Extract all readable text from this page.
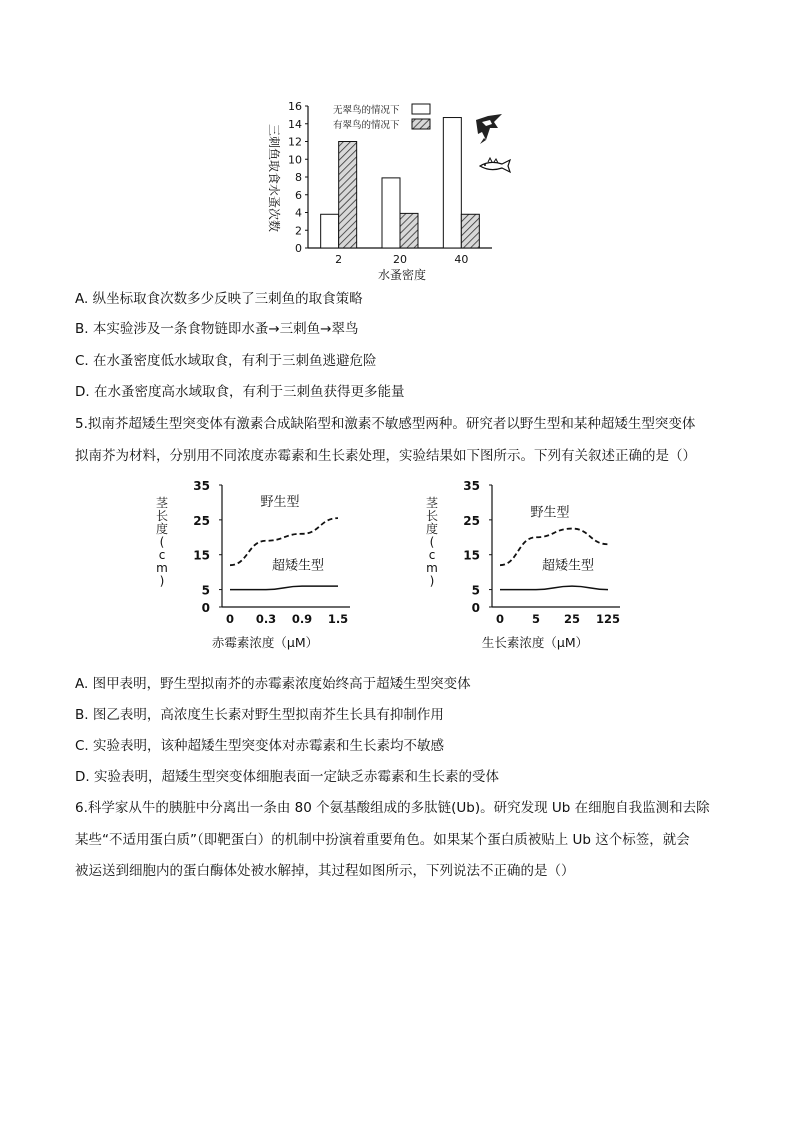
0
2
4
6
8
10
12
14
16
2	20	40
三刺鱼取食水蚤次数
水蚤密度
无翠鸟的情况下
有翠鸟的情况下
A. 纵坐标取食次数多少反映了三刺鱼的取食策略
B. 本实验涉及一条食物链即水蚤→三刺鱼→翠鸟
C. 在水蚤密度低水域取食，有利于三刺鱼逃避危险
D. 在水蚤密度高水域取食，有利于三刺鱼获得更多能量
5.拟南芥超矮生型突变体有激素合成缺陷型和激素不敏感型两种。研究者以野生型和某种超矮生型突变体
拟南芥为材料，分别用不同浓度赤霉素和生长素处理，实验结果如下图所示。下列有关叙述正确的是（）
0
5
15
25
35
茎
长
度
(
c
m
)
0 0.3 0.9 1.5
赤霉素浓度（μM）
野生型
超矮生型
0
5
15
25
35
茎
长
度
(
c
m
)
0 5 25 125
生长素浓度（μM）
野生型
超矮生型
A. 图甲表明，野生型拟南芥的赤霉素浓度始终高于超矮生型突变体
B. 图乙表明，高浓度生长素对野生型拟南芥生长具有抑制作用
C. 实验表明，该种超矮生型突变体对赤霉素和生长素均不敏感
D. 实验表明，超矮生型突变体细胞表面一定缺乏赤霉素和生长素的受体
6.科学家从牛的胰脏中分离出一条由 80 个氨基酸组成的多肽链(Ub)。研究发现 Ub 在细胞自我监测和去除
某些“不适用蛋白质”（即靶蛋白）的机制中扮演着重要角色。如果某个蛋白质被贴上 Ub 这个标签，就会
被运送到细胞内的蛋白酶体处被水解掉，其过程如图所示，下列说法不正确的是（）
